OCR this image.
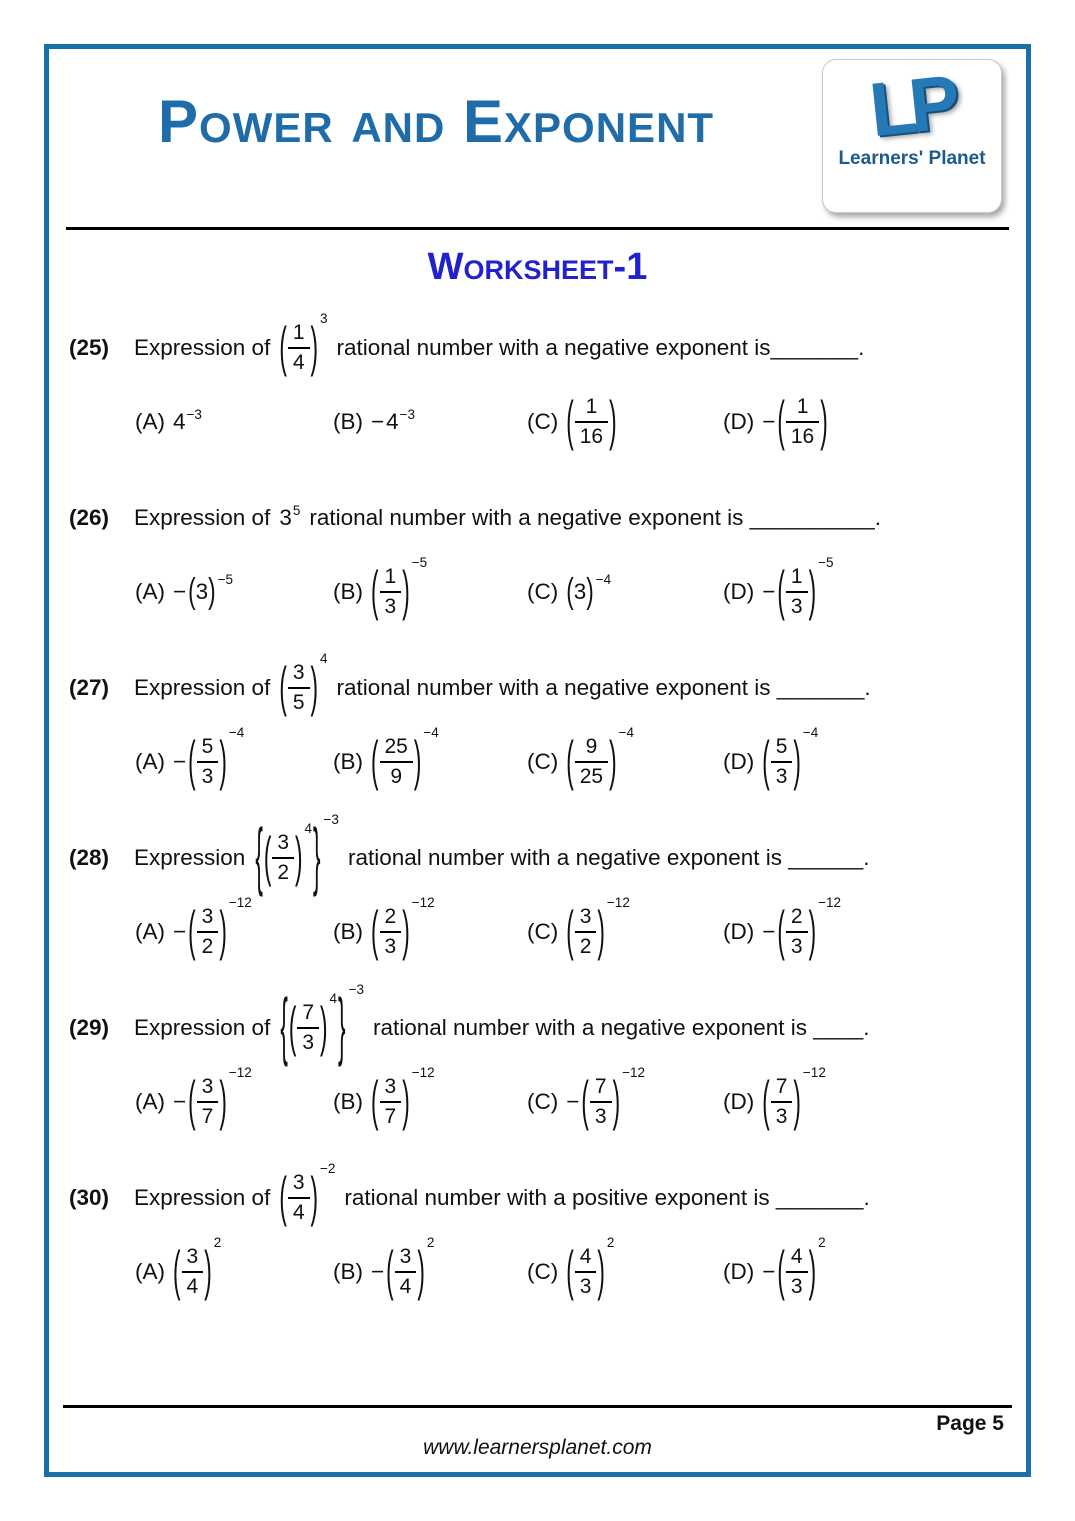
Power and Exponent	LP
Learners' Planet
Worksheet-1
(25)	Expression of ( $\frac{1}{4}$ ) 3
rational number with a negative exponent is_______.
(A) 4 −3	(B) − 4 −3	(C) ( $\frac{1}{16}$ )	(D) − ( $\frac{1}{16}$ )
(26)	Expression of 3 5 rational number with a negative exponent is __________.
(A) − ( 3 ) −5	(B) ( $\frac{1}{3}$ ) −5
(C) ( 3 ) −4	(D) − ( $\frac{1}{3}$ ) −5
(27)	Expression of ( $\frac{3}{5}$ ) 4
rational number with a negative exponent is _______.
(A) − ( $\frac{5}{3}$ ) −4
(B) ( $\frac{25}{9}$ ) −4
(C) ( $\frac{9}{25}$ ) −4
(D) ( $\frac{5}{3}$ ) −4
(28)	Expression { ( $\frac{3}{2}$ ) 4 } −3
rational number with a negative exponent is ______.
(A) − ( $\frac{3}{2}$ ) −12
(B) ( $\frac{2}{3}$ ) −12
(C) ( $\frac{3}{2}$ ) −12
(D) − ( $\frac{2}{3}$ ) −12
(29)	Expression of { ( $\frac{7}{3}$ ) 4 } −3
rational number with a negative exponent is ____.
(A) − ( $\frac{3}{7}$ ) −12
(B) ( $\frac{3}{7}$ ) −12
(C) − ( $\frac{7}{3}$ ) −12
(D) ( $\frac{7}{3}$ ) −12
(30)	Expression of ( $\frac{3}{4}$ ) −2
rational number with a positive exponent is _______.
(A) ( $\frac{3}{4}$ ) 2
(B) − ( $\frac{3}{4}$ ) 2
(C) ( $\frac{4}{3}$ ) 2
(D) − ( $\frac{4}{3}$ ) 2
Page 5
www.learnersplanet.com
